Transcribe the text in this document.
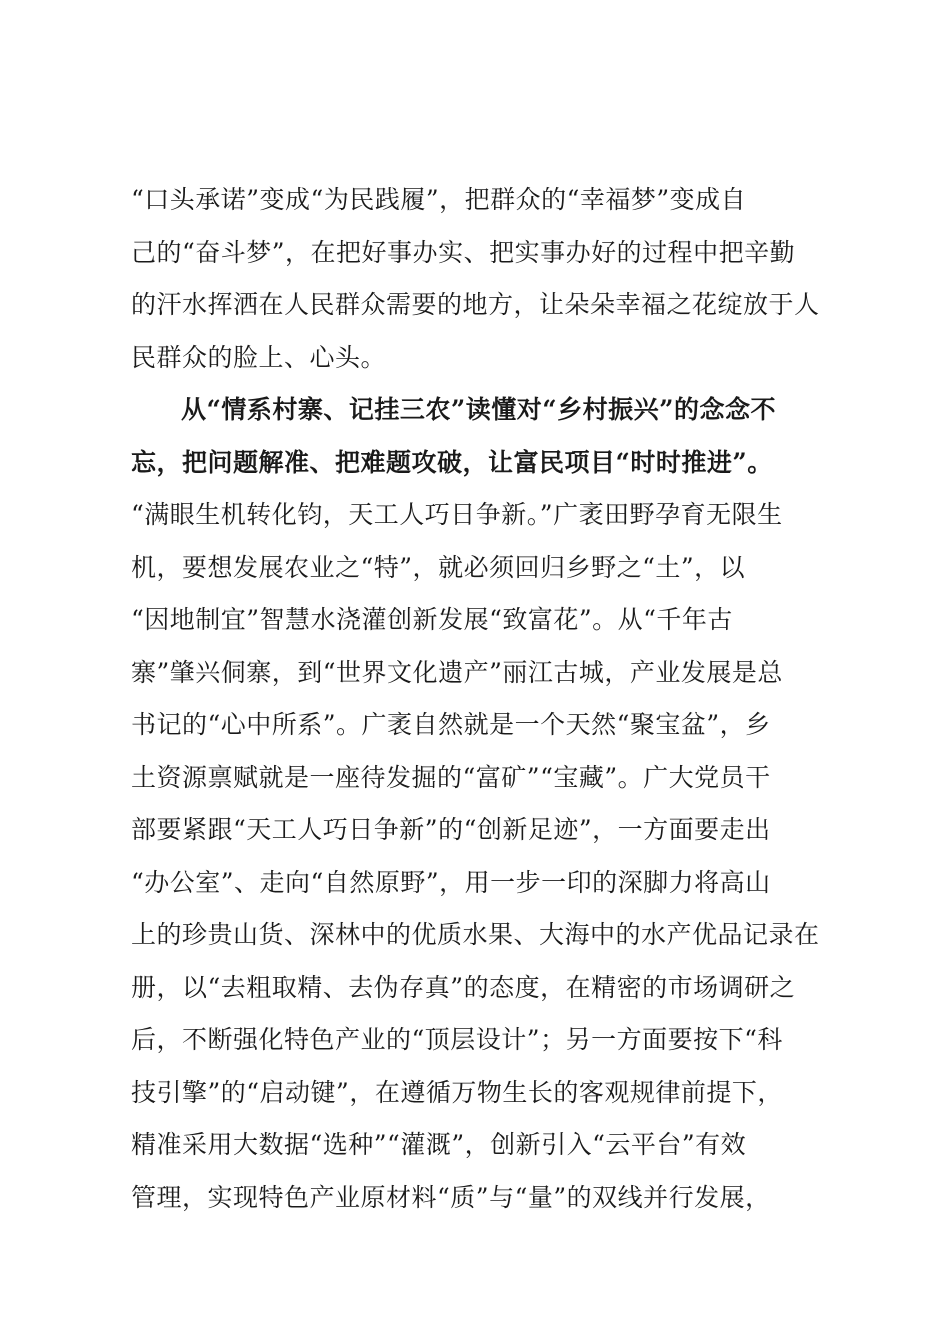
“口头承诺”变成“为民践履”，把群众的“幸福梦”变成自
己的“奋斗梦”，在把好事办实、把实事办好的过程中把辛勤
的汗水挥洒在人民群众需要的地方，让朵朵幸福之花绽放于人
民群众的脸上、心头。
从“情系村寨、记挂三农”读懂对“乡村振兴”的念念不
忘，把问题解准、把难题攻破，让富民项目“时时推进”。
“满眼生机转化钧，天工人巧日争新。”广袤田野孕育无限生
机，要想发展农业之“特”，就必须回归乡野之“土”，以
“因地制宜”智慧水浇灌创新发展“致富花”。从“千年古
寨”肇兴侗寨，到“世界文化遗产”丽江古城，产业发展是总
书记的“心中所系”。广袤自然就是一个天然“聚宝盆”，乡
土资源禀赋就是一座待发掘的“富矿”“宝藏”。广大党员干
部要紧跟“天工人巧日争新”的“创新足迹”，一方面要走出
“办公室”、走向“自然原野”，用一步一印的深脚力将高山
上的珍贵山货、深林中的优质水果、大海中的水产优品记录在
册，以“去粗取精、去伪存真”的态度，在精密的市场调研之
后，不断强化特色产业的“顶层设计”；另一方面要按下“科
技引擎”的“启动键”，在遵循万物生长的客观规律前提下，
精准采用大数据“选种”“灌溉”，创新引入“云平台”有效
管理，实现特色产业原材料“质”与“量”的双线并行发展，
